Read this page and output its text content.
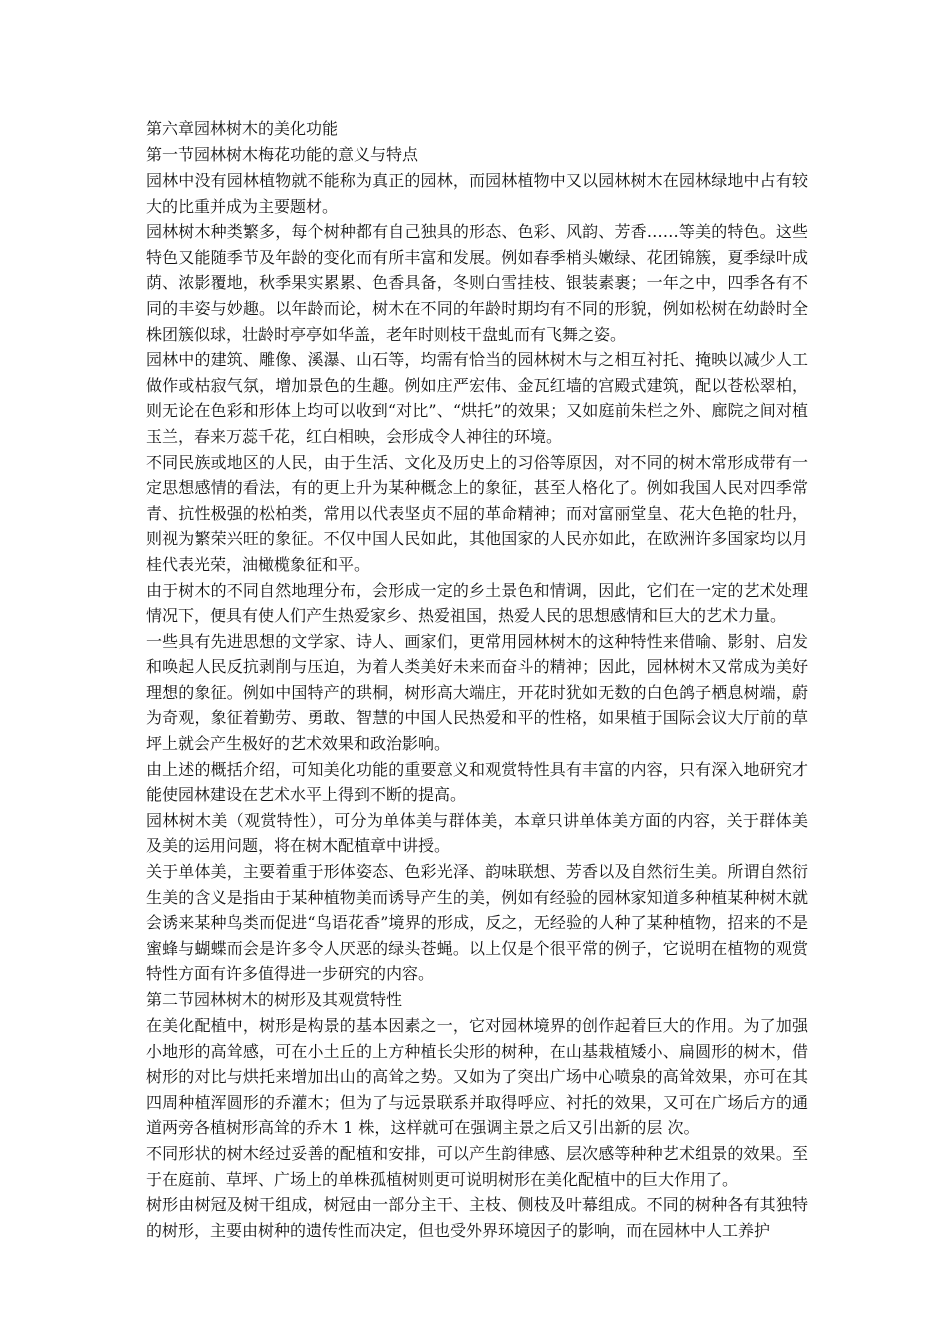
第六章园林树木的美化功能
第一节园林树木梅花功能的意义与特点

园林中没有园林植物就不能称为真正的园林，而园林植物中又以园林树木在园林绿地中占有较大的比重并成为主要题材。

园林树木种类繁多，每个树种都有自己独具的形态、色彩、风韵、芳香……等美的特色。这些特色又能随季节及年龄的变化而有所丰富和发展。例如春季梢头嫩绿、花团锦簇，夏季绿叶成荫、浓影覆地，秋季果实累累、色香具备，冬则白雪挂枝、银装素裹；一年之中，四季各有不同的丰姿与妙趣。以年龄而论，树木在不同的年龄时期均有不同的形貌，例如松树在幼龄时全株团簇似球，壮龄时亭亭如华盖，老年时则枝干盘虬而有飞舞之姿。

园林中的建筑、雕像、溪瀑、山石等，均需有恰当的园林树木与之相互衬托、掩映以减少人工做作或枯寂气氛，增加景色的生趣。例如庄严宏伟、金瓦红墙的宫殿式建筑，配以苍松翠柏，则无论在色彩和形体上均可以收到“对比”、“烘托”的效果；又如庭前朱栏之外、廊院之间对植玉兰，春来万蕊千花，红白相映，会形成令人神往的环境。

不同民族或地区的人民，由于生活、文化及历史上的习俗等原因，对不同的树木常形成带有一定思想感情的看法，有的更上升为某种概念上的象征，甚至人格化了。例如我国人民对四季常青、抗性极强的松柏类，常用以代表坚贞不屈的革命精神；而对富丽堂皇、花大色艳的牡丹，则视为繁荣兴旺的象征。不仅中国人民如此，其他国家的人民亦如此，在欧洲许多国家均以月桂代表光荣，油橄榄象征和平。

由于树木的不同自然地理分布，会形成一定的乡土景色和情调，因此，它们在一定的艺术处理情况下，便具有使人们产生热爱家乡、热爱祖国，热爱人民的思想感情和巨大的艺术力量。

一些具有先进思想的文学家、诗人、画家们，更常用园林树木的这种特性来借喻、影射、启发和唤起人民反抗剥削与压迫，为着人类美好未来而奋斗的精神；因此，园林树木又常成为美好理想的象征。例如中国特产的珙桐，树形高大端庄，开花时犹如无数的白色鸽子栖息树端，蔚为奇观，象征着勤劳、勇敢、智慧的中国人民热爱和平的性格，如果植于国际会议大厅前的草坪上就会产生极好的艺术效果和政治影响。

由上述的概括介绍，可知美化功能的重要意义和观赏特性具有丰富的内容，只有深入地研究才能使园林建设在艺术水平上得到不断的提高。

园林树木美（观赏特性），可分为单体美与群体美，本章只讲单体美方面的内容，关于群体美及美的运用问题，将在树木配植章中讲授。

关于单体美，主要着重于形体姿态、色彩光泽、韵味联想、芳香以及自然衍生美。所谓自然衍生美的含义是指由于某种植物美而诱导产生的美，例如有经验的园林家知道多种植某种树木就会诱来某种鸟类而促进“鸟语花香”境界的形成，反之，无经验的人种了某种植物，招来的不是蜜蜂与蝴蝶而会是许多令人厌恶的绿头苍蝇。以上仅是个很平常的例子，它说明在植物的观赏特性方面有许多值得进一步研究的内容。

第二节园林树木的树形及其观赏特性

在美化配植中，树形是构景的基本因素之一，它对园林境界的创作起着巨大的作用。为了加强小地形的高耸感，可在小土丘的上方种植长尖形的树种，在山基栽植矮小、扁圆形的树木，借树形的对比与烘托来增加出山的高耸之势。又如为了突出广场中心喷泉的高耸效果，亦可在其四周种植浑圆形的乔灌木；但为了与远景联系并取得呼应、衬托的效果，又可在广场后方的通道两旁各植树形高耸的乔木 1 株，这样就可在强调主景之后又引出新的层 次。

不同形状的树木经过妥善的配植和安排，可以产生韵律感、层次感等种种艺术组景的效果。至于在庭前、草坪、广场上的单株孤植树则更可说明树形在美化配植中的巨大作用了。

树形由树冠及树干组成，树冠由一部分主干、主枝、侧枝及叶幕组成。不同的树种各有其独特的树形，主要由树种的遗传性而决定，但也受外界环境因子的影响，而在园林中人工养护
